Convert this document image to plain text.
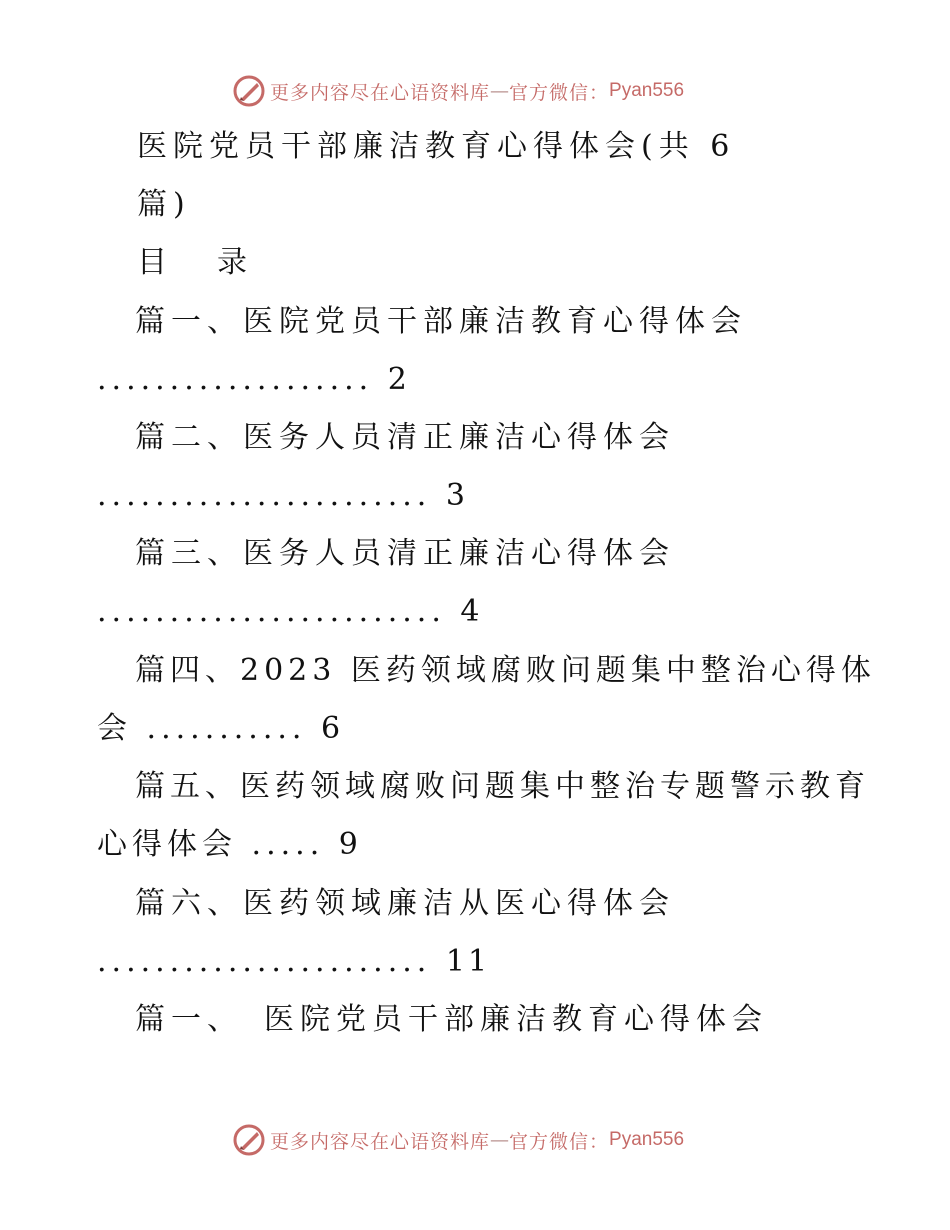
更多内容尽在心语资料库 — 官方微信： Pyan556
医院党员干部廉洁教育心得体会(共 6
篇)
目　录
篇一、医院党员干部廉洁教育心得体会
................... 2
篇二、医务人员清正廉洁心得体会
....................... 3
篇三、医务人员清正廉洁心得体会
........................ 4
篇四、2023 医药领域腐败问题集中整治心得体
会 ........... 6
篇五、医药领域腐败问题集中整治专题警示教育
心得体会 ..... 9
篇六、医药领域廉洁从医心得体会
....................... 11
篇一、　医院党员干部廉洁教育心得体会
更多内容尽在心语资料库 — 官方微信： Pyan556
